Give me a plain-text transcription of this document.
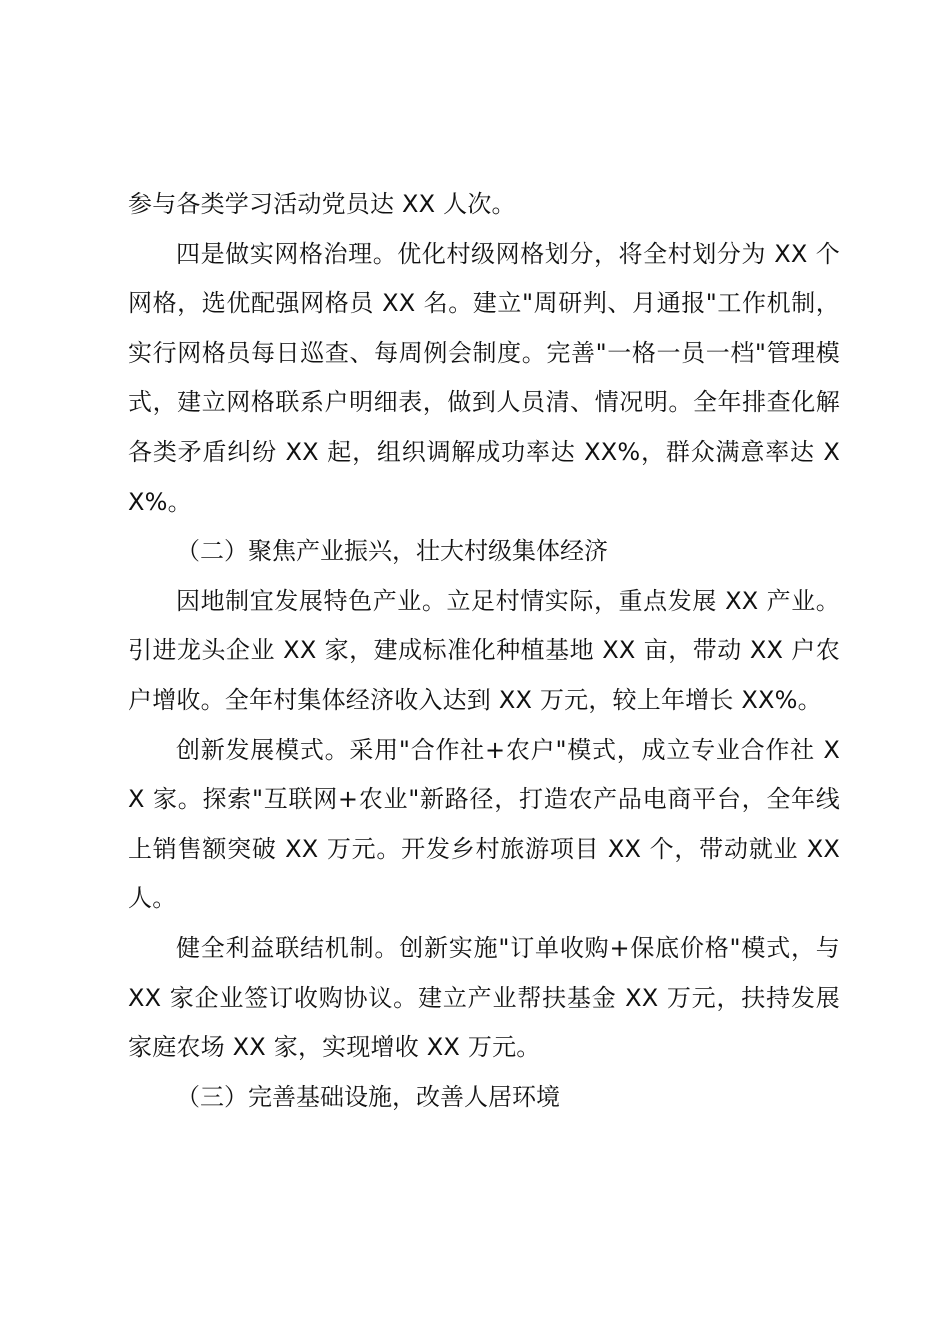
参与各类学习活动党员达 XX 人次。

四是做实网格治理。优化村级网格划分，将全村划分为 XX 个网格，选优配强网格员 XX 名。建立"周研判、月通报"工作机制，实行网格员每日巡查、每周例会制度。完善"一格一员一档"管理模式，建立网格联系户明细表，做到人员清、情况明。全年排查化解各类矛盾纠纷 XX 起，组织调解成功率达 XX%，群众满意率达 XX%。

（二）聚焦产业振兴，壮大村级集体经济

因地制宜发展特色产业。立足村情实际，重点发展 XX 产业。引进龙头企业 XX 家，建成标准化种植基地 XX 亩，带动 XX 户农户增收。全年村集体经济收入达到 XX 万元，较上年增长 XX%。

创新发展模式。采用"合作社+农户"模式，成立专业合作社 XX 家。探索"互联网+农业"新路径，打造农产品电商平台，全年线上销售额突破 XX 万元。开发乡村旅游项目 XX 个，带动就业 XX 人。

健全利益联结机制。创新实施"订单收购+保底价格"模式，与 XX 家企业签订收购协议。建立产业帮扶基金 XX 万元，扶持发展家庭农场 XX 家，实现增收 XX 万元。

（三）完善基础设施，改善人居环境
